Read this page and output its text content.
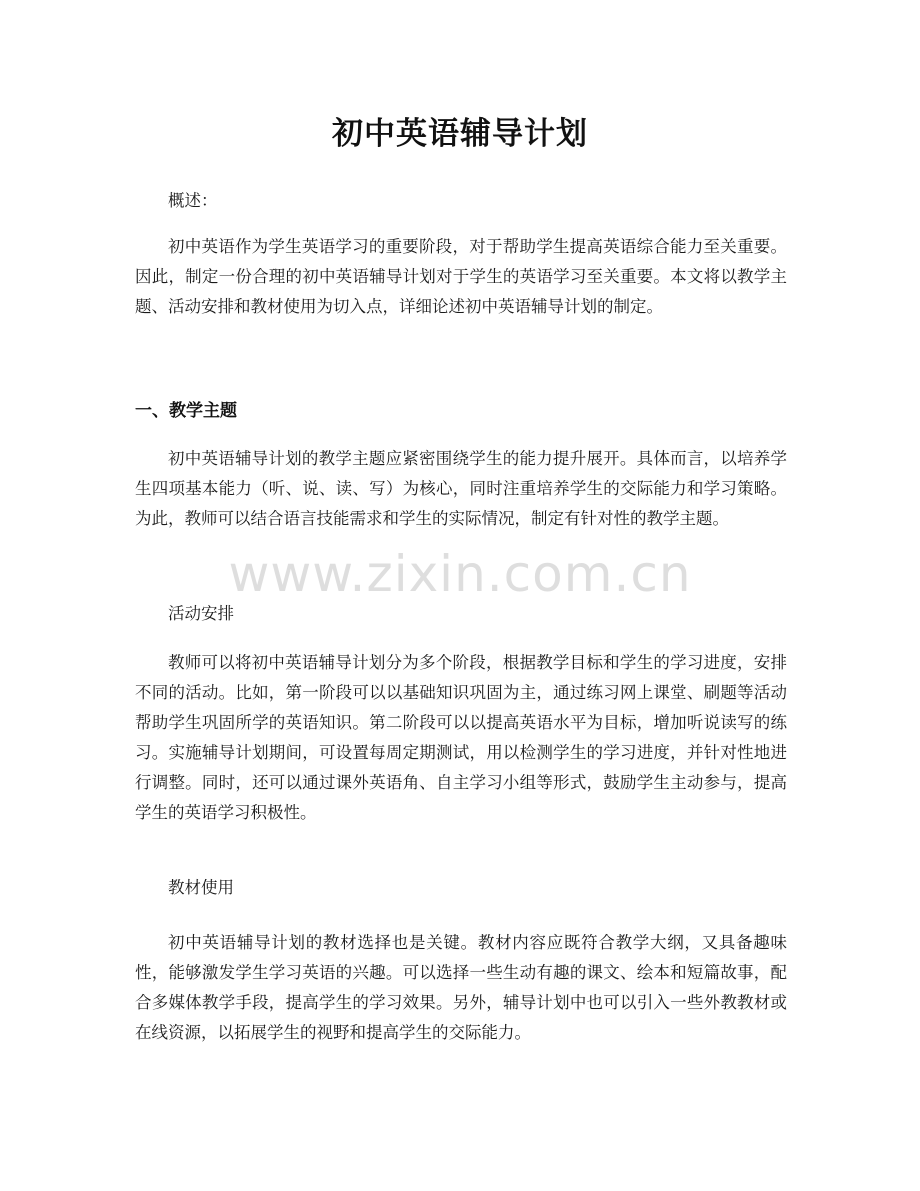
初中英语辅导计划
概述：

初中英语作为学生英语学习的重要阶段，对于帮助学生提高英语综合能力至关重要。因此，制定一份合理的初中英语辅导计划对于学生的英语学习至关重要。本文将以教学主题、活动安排和教材使用为切入点，详细论述初中英语辅导计划的制定。

一、教学主题

初中英语辅导计划的教学主题应紧密围绕学生的能力提升展开。具体而言，以培养学生四项基本能力（听、说、读、写）为核心，同时注重培养学生的交际能力和学习策略。为此，教师可以结合语言技能需求和学生的实际情况，制定有针对性的教学主题。

活动安排

教师可以将初中英语辅导计划分为多个阶段，根据教学目标和学生的学习进度，安排不同的活动。比如，第一阶段可以以基础知识巩固为主，通过练习网上课堂、刷题等活动帮助学生巩固所学的英语知识。第二阶段可以以提高英语水平为目标，增加听说读写的练习。实施辅导计划期间，可设置每周定期测试，用以检测学生的学习进度，并针对性地进行调整。同时，还可以通过课外英语角、自主学习小组等形式，鼓励学生主动参与，提高学生的英语学习积极性。

教材使用

初中英语辅导计划的教材选择也是关键。教材内容应既符合教学大纲，又具备趣味性，能够激发学生学习英语的兴趣。可以选择一些生动有趣的课文、绘本和短篇故事，配合多媒体教学手段，提高学生的学习效果。另外，辅导计划中也可以引入一些外教教材或在线资源，以拓展学生的视野和提高学生的交际能力。

www.zixin.com.cn
